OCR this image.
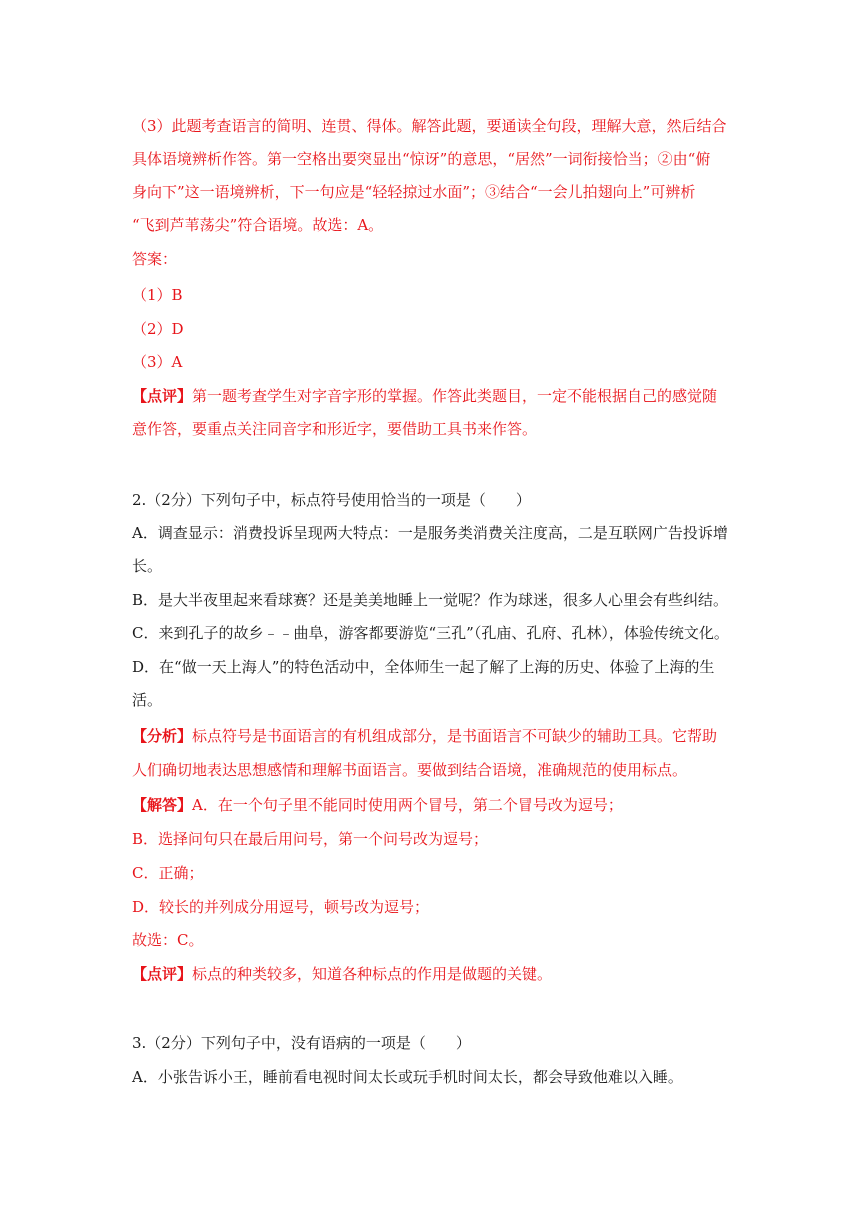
（3）此题考查语言的简明、连贯、得体。解答此题，要通读全句段，理解大意，然后结合
具体语境辨析作答。第一空格出要突显出“惊讶”的意思，“居然”一词衔接恰当；②由“俯
身向下”这一语境辨析，下一句应是“轻轻掠过水面”；③结合“一会儿拍翅向上”可辨析
“飞到芦苇荡尖”符合语境。故选：A。
答案：
（1）B
（2）D
（3）A
【点评】第一题考查学生对字音字形的掌握。作答此类题目，一定不能根据自己的感觉随
意作答，要重点关注同音字和形近字，要借助工具书来作答。
2.（2分）下列句子中，标点符号使用恰当的一项是（　　）
A．调查显示：消费投诉呈现两大特点：一是服务类消费关注度高，二是互联网广告投诉增
长。
B．是大半夜里起来看球赛？还是美美地睡上一觉呢？作为球迷，很多人心里会有些纠结。
C．来到孔子的故乡﹣﹣曲阜，游客都要游览“三孔”（孔庙、孔府、孔林），体验传统文化。
D．在“做一天上海人”的特色活动中，全体师生一起了解了上海的历史、体验了上海的生
活。
【分析】标点符号是书面语言的有机组成部分，是书面语言不可缺少的辅助工具。它帮助
人们确切地表达思想感情和理解书面语言。要做到结合语境，准确规范的使用标点。
【解答】A．在一个句子里不能同时使用两个冒号，第二个冒号改为逗号；
B．选择问句只在最后用问号，第一个问号改为逗号；
C．正确；
D．较长的并列成分用逗号，顿号改为逗号；
故选：C。
【点评】标点的种类较多，知道各种标点的作用是做题的关键。
3.（2分）下列句子中，没有语病的一项是（　　）
A．小张告诉小王，睡前看电视时间太长或玩手机时间太长，都会导致他难以入睡。
